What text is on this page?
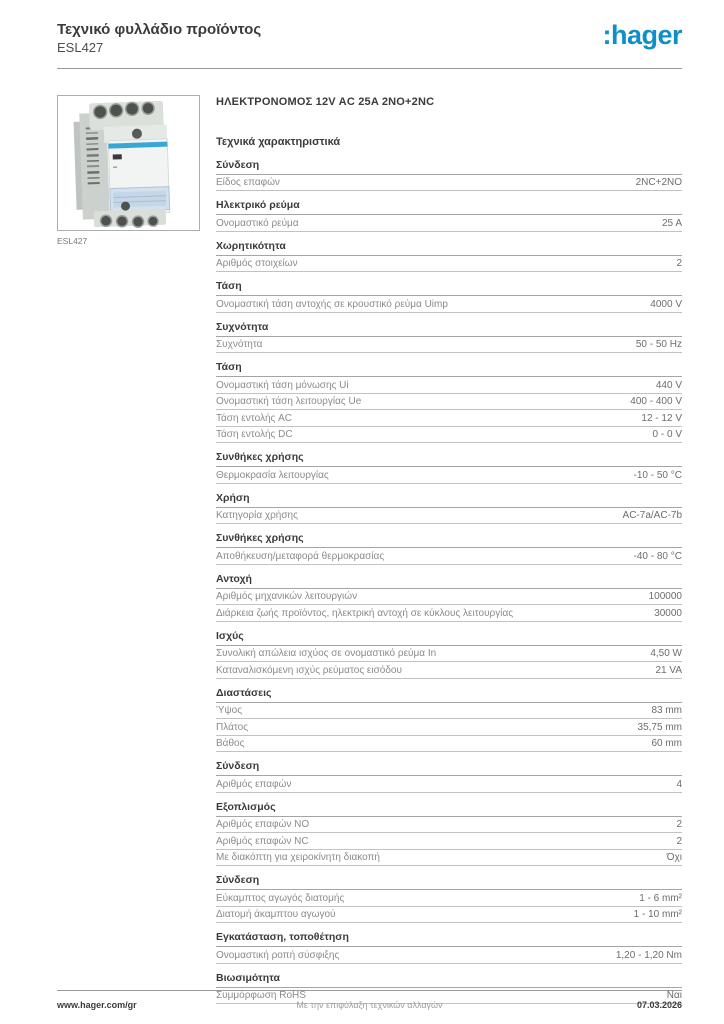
Τεχνικό φυλλάδιο προϊόντος
ESL427	:hager
ESL427
ΗΛΕΚΤΡΟΝΟΜΟΣ 12V AC 25A 2NO+2NC
Τεχνικά χαρακτηριστικά
Σύνδεση
Είδος επαφών	2NC+2NO
Ηλεκτρικό ρεύμα
Ονομαστικό ρεύμα	25 A
Χωρητικότητα
Αριθμός στοιχείων	2
Τάση
Ονομαστική τάση αντοχής σε κρουστικό ρεύμα Uimp	4000 V
Συχνότητα
Συχνότητα	50 - 50 Hz
Τάση
Ονομαστική τάση μόνωσης Ui	440 V
Ονομαστική τάση λειτουργίας Ue	400 - 400 V
Τάση εντολής AC	12 - 12 V
Τάση εντολής DC	0 - 0 V
Συνθήκες χρήσης
Θερμοκρασία λειτουργίας	-10 - 50 °C
Χρήση
Κατηγορία χρήσης	AC-7a/AC-7b
Συνθήκες χρήσης
Αποθήκευση/μεταφορά θερμοκρασίας	-40 - 80 °C
Αντοχή
Αριθμός μηχανικών λειτουργιών	100000
Διάρκεια ζωής προϊόντος, ηλεκτρική αντοχή σε κύκλους λειτουργίας	30000
Ισχύς
Συνολική απώλεια ισχύος σε ονομαστικό ρεύμα In	4,50 W
Καταναλισκόμενη ισχύς ρεύματος εισόδου	21 VA
Διαστάσεις
Ύψος	83 mm
Πλάτος	35,75 mm
Βάθος	60 mm
Σύνδεση
Αριθμός επαφών	4
Εξοπλισμός
Αριθμός επαφών NO	2
Αριθμός επαφών NC	2
Με διακόπτη για χειροκίνητη διακοπή	Όχι
Σύνδεση
Εύκαμπτος αγωγός διατομής	1 - 6 mm²
Διατομή άκαμπτου αγωγού	1 - 10 mm²
Εγκατάσταση, τοποθέτηση
Ονομαστική ροπή σύσφιξης	1,20 - 1,20 Nm
Βιωσιμότητα
Συμμόρφωση RoHS	Ναι
www.hager.com/gr	Με την επιφύλαξη τεχνικών αλλαγών	07.03.2026
